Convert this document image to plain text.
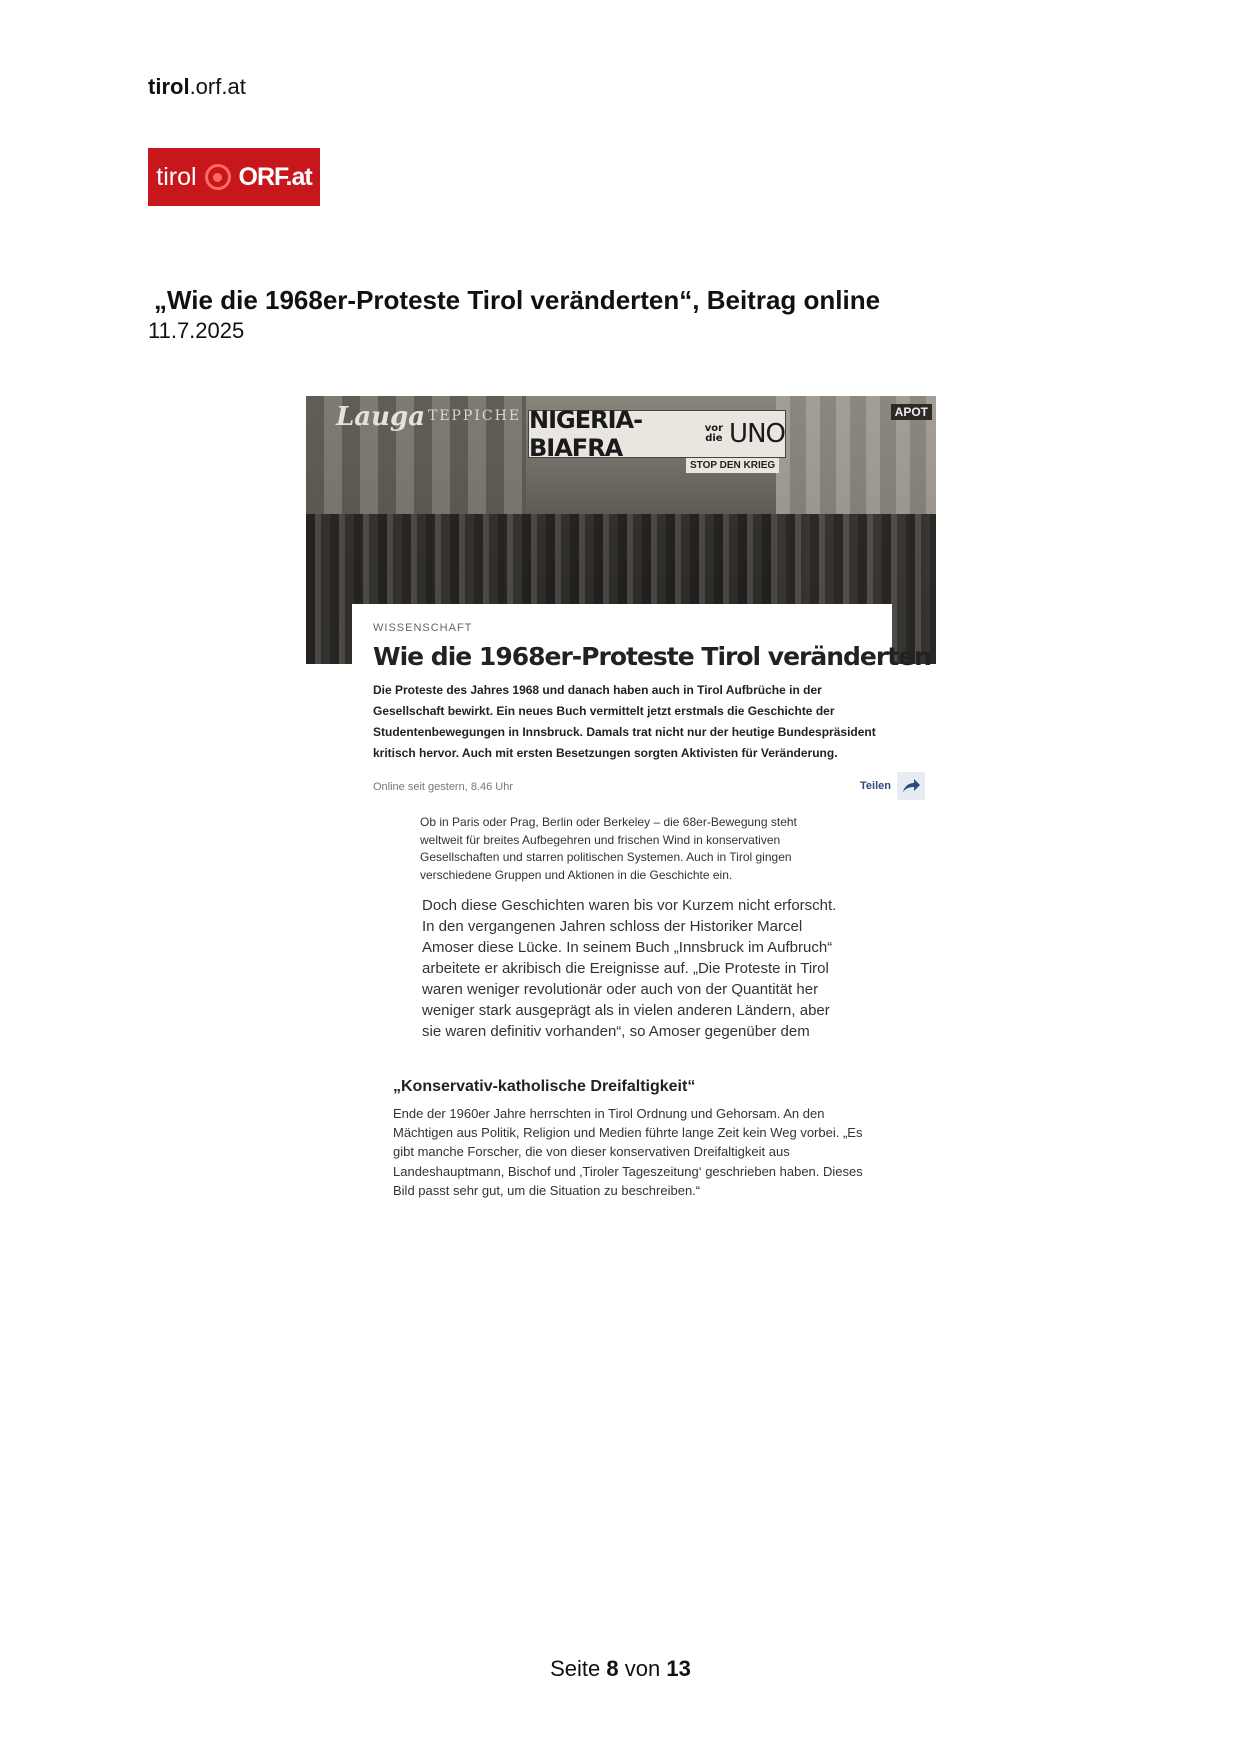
tirol.orf.at
tirol ORF.at
„Wie die 1968er-Proteste Tirol veränderten“, Beitrag online
11.7.2025
Lauga TEPPICHE NIGERIA-BIAFRA
vor
die UNO
STOP DEN KRIEG
APOT
WISSENSCHAFT
Wie die 1968er-Proteste Tirol veränderten
Die Proteste des Jahres 1968 und danach haben auch in Tirol Aufbrüche in der Gesellschaft bewirkt. Ein neues Buch vermittelt jetzt erstmals die Geschichte der Studentenbewegungen in Innsbruck. Damals trat nicht nur der heutige Bundespräsident kritisch hervor. Auch mit ersten Besetzungen sorgten Aktivisten für Veränderung.
Online seit gestern, 8.46 Uhr	Teilen
Ob in Paris oder Prag, Berlin oder Berkeley – die 68er-Bewegung steht weltweit für breites Aufbegehren und frischen Wind in konservativen Gesellschaften und starren politischen Systemen. Auch in Tirol gingen verschiedene Gruppen und Aktionen in die Geschichte ein.
Doch diese Geschichten waren bis vor Kurzem nicht erforscht. In den vergangenen Jahren schloss der Historiker Marcel Amoser diese Lücke. In seinem Buch „Innsbruck im Aufbruch“ arbeitete er akribisch die Ereignisse auf. „Die Proteste in Tirol waren weniger revolutionär oder auch von der Quantität her weniger stark ausgeprägt als in vielen anderen Ländern, aber sie waren definitiv vorhanden“, so Amoser gegenüber dem
„Konservativ-katholische Dreifaltigkeit“
Ende der 1960er Jahre herrschten in Tirol Ordnung und Gehorsam. An den Mächtigen aus Politik, Religion und Medien führte lange Zeit kein Weg vorbei. „Es gibt manche Forscher, die von dieser konservativen Dreifaltigkeit aus Landeshauptmann, Bischof und ‚Tiroler Tageszeitung‘ geschrieben haben. Dieses Bild passt sehr gut, um die Situation zu beschreiben.“
Seite 8 von 13
